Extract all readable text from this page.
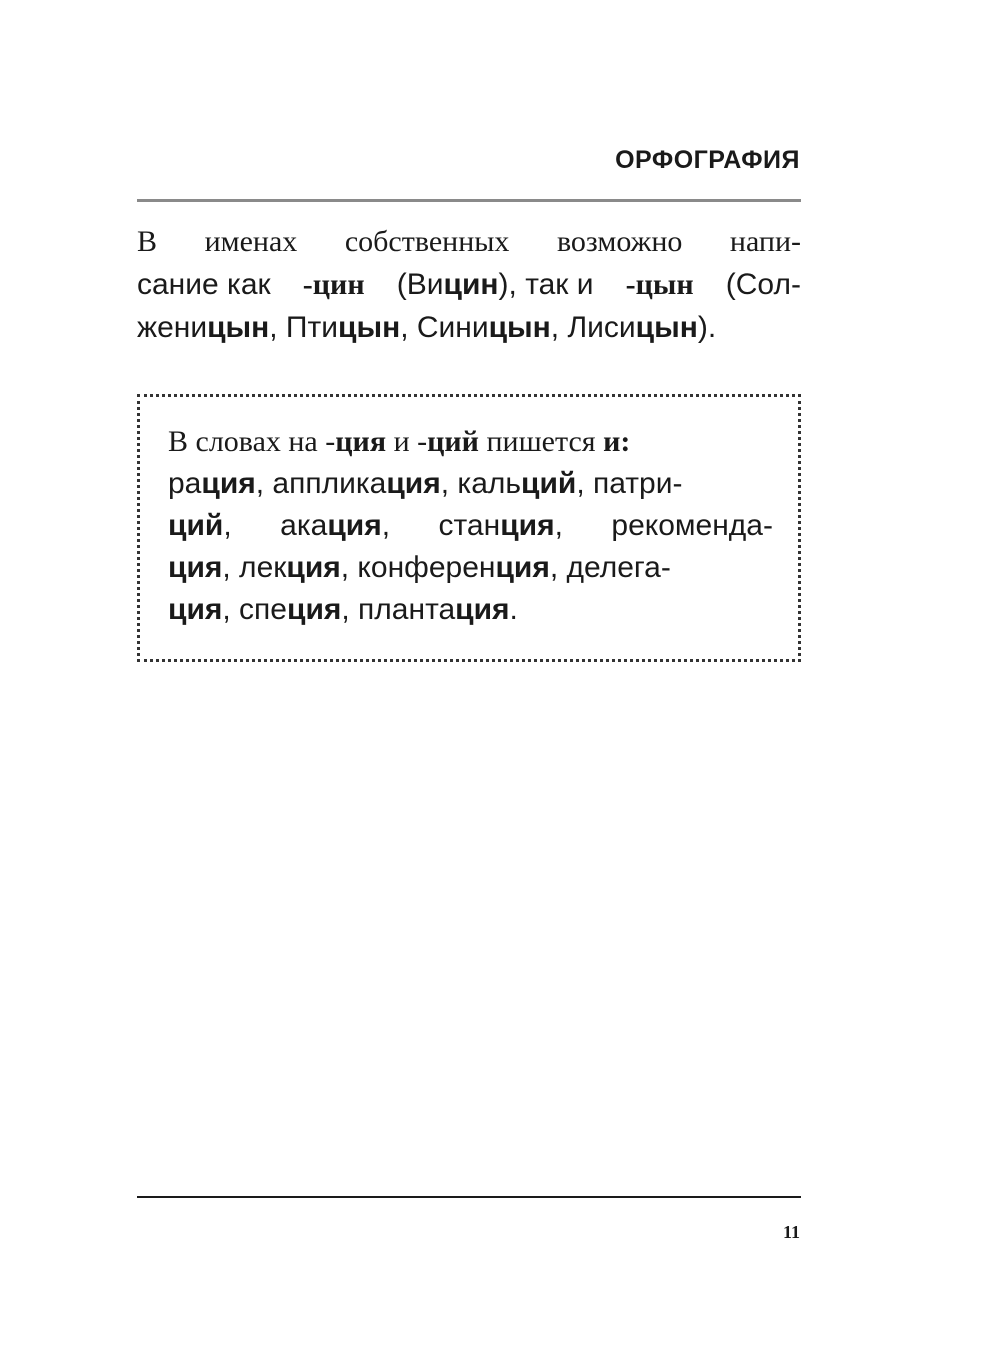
ОРФОГРАФИЯ
В именах собственных возможно напи-
сание как -цин (Вицин), так и -цын (Сол-
женицын, Птицын, Синицын, Лисицын).
В словах на -ция и -ций пишется и:
рация, аппликация, кальций, патри-
ций, акация, станция, рекоменда-
ция, лекция, конференция, делега-
ция, специя, плантация.
11
